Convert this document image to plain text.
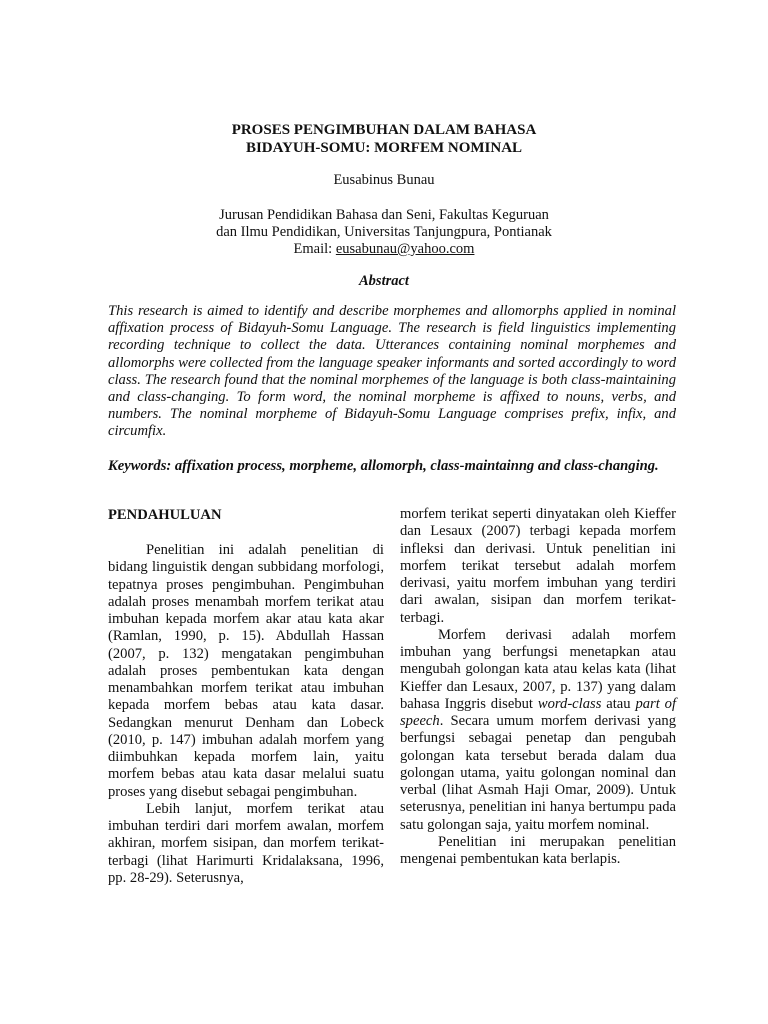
PROSES PENGIMBUHAN DALAM BAHASA
BIDAYUH-SOMU: MORFEM NOMINAL
Eusabinus Bunau
Jurusan Pendidikan Bahasa dan Seni, Fakultas Keguruan
dan Ilmu Pendidikan, Universitas Tanjungpura, Pontianak
Email: eusabunau@yahoo.com
Abstract

This research is aimed to identify and describe morphemes and allomorphs applied in nominal affixation process of Bidayuh-Somu Language. The research is field linguistics implementing recording technique to collect the data. Utterances containing nominal morphemes and allomorphs were collected from the language speaker informants and sorted accordingly to word class. The research found that the nominal morphemes of the language is both class-maintaining and class-changing. To form word, the nominal morpheme is affixed to nouns, verbs, and numbers. The nominal morpheme of Bidayuh-Somu Language comprises prefix, infix, and circumfix.

Keywords: affixation process, morpheme, allomorph, class-maintainng and class-changing.

PENDAHULUAN

Penelitian ini adalah penelitian di bidang linguistik dengan subbidang morfologi, tepatnya proses pengimbuhan. Pengimbuhan adalah proses menambah morfem terikat atau imbuhan kepada morfem akar atau kata akar (Ramlan, 1990, p. 15). Abdullah Hassan (2007, p. 132) mengatakan pengimbuhan adalah proses pembentukan kata dengan menambahkan morfem terikat atau imbuhan kepada morfem bebas atau kata dasar. Sedangkan menurut Denham dan Lobeck (2010, p. 147) imbuhan adalah morfem yang diimbuhkan kepada morfem lain, yaitu morfem bebas atau kata dasar melalui suatu proses yang disebut sebagai pengimbuhan.

Lebih lanjut, morfem terikat atau imbuhan terdiri dari morfem awalan, morfem akhiran, morfem sisipan, dan morfem terikat-terbagi (lihat Harimurti Kridalaksana, 1996, pp. 28-29). Seterusnya,

morfem terikat seperti dinyatakan oleh Kieffer dan Lesaux (2007) terbagi kepada morfem infleksi dan derivasi. Untuk penelitian ini morfem terikat tersebut adalah morfem derivasi, yaitu morfem imbuhan yang terdiri dari awalan, sisipan dan morfem terikat-terbagi.

Morfem derivasi adalah morfem imbuhan yang berfungsi menetapkan atau mengubah golongan kata atau kelas kata (lihat Kieffer dan Lesaux, 2007, p. 137) yang dalam bahasa Inggris disebut word-class atau part of speech. Secara umum morfem derivasi yang berfungsi sebagai penetap dan pengubah golongan kata tersebut berada dalam dua golongan utama, yaitu golongan nominal dan verbal (lihat Asmah Haji Omar, 2009). Untuk seterusnya, penelitian ini hanya bertumpu pada satu golongan saja, yaitu morfem nominal.

Penelitian ini merupakan penelitian mengenai pembentukan kata berlapis.
